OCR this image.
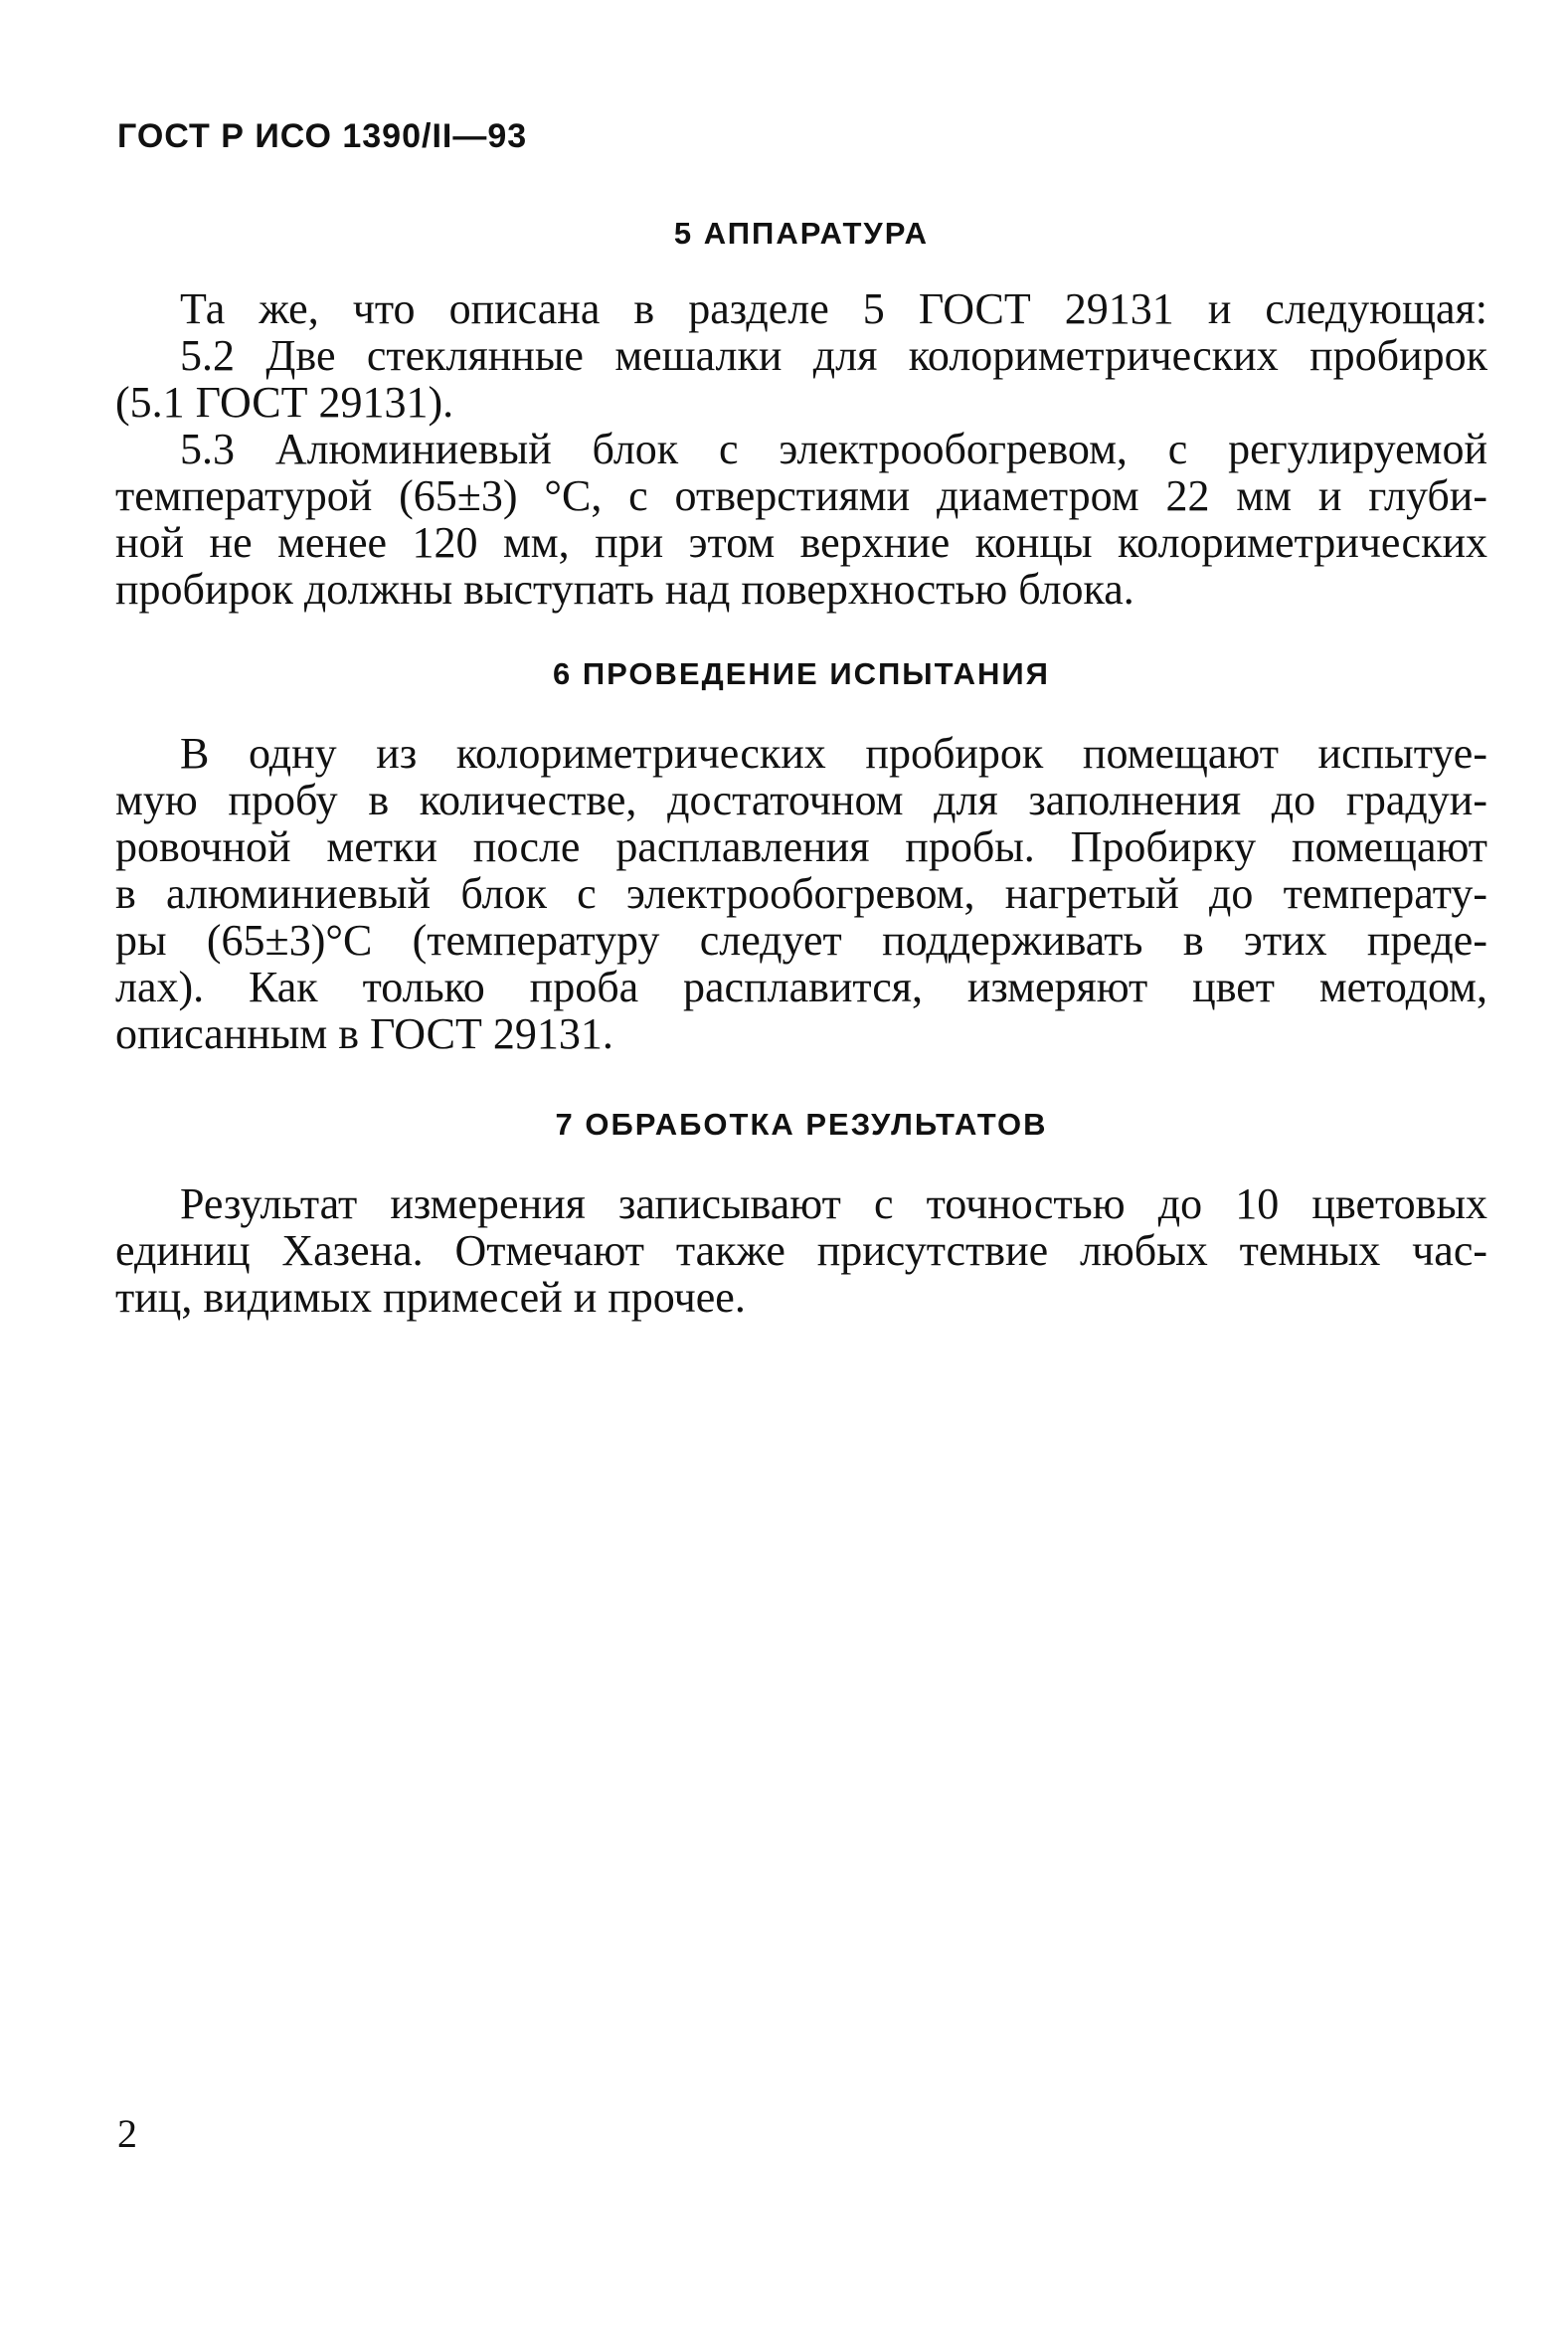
ГОСТ Р ИСО 1390/II—93
5 АППАРАТУРА
Та же, что описана в разделе 5 ГОСТ 29131 и следующая:
5.2 Две стеклянные мешалки для колориметрических пробирок
(5.1 ГОСТ 29131).
5.3 Алюминиевый блок с электрообогревом, с регулируемой
температурой (65±3) °С, с отверстиями диаметром 22 мм и глуби-
ной не менее 120 мм, при этом верхние концы колориметрических
пробирок должны выступать над поверхностью блока.
6 ПРОВЕДЕНИЕ ИСПЫТАНИЯ
В одну из колориметрических пробирок помещают испытуе-
мую пробу в количестве, достаточном для заполнения до градуи-
ровочной метки после расплавления пробы. Пробирку помещают
в алюминиевый блок с электрообогревом, нагретый до температу-
ры (65±3)°С (температуру следует поддерживать в этих преде-
лах). Как только проба расплавится, измеряют цвет методом,
описанным в ГОСТ 29131.
7 ОБРАБОТКА РЕЗУЛЬТАТОВ
Результат измерения записывают с точностью до 10 цветовых
единиц Хазена. Отмечают также присутствие любых темных час-
тиц, видимых примесей и прочее.
2
